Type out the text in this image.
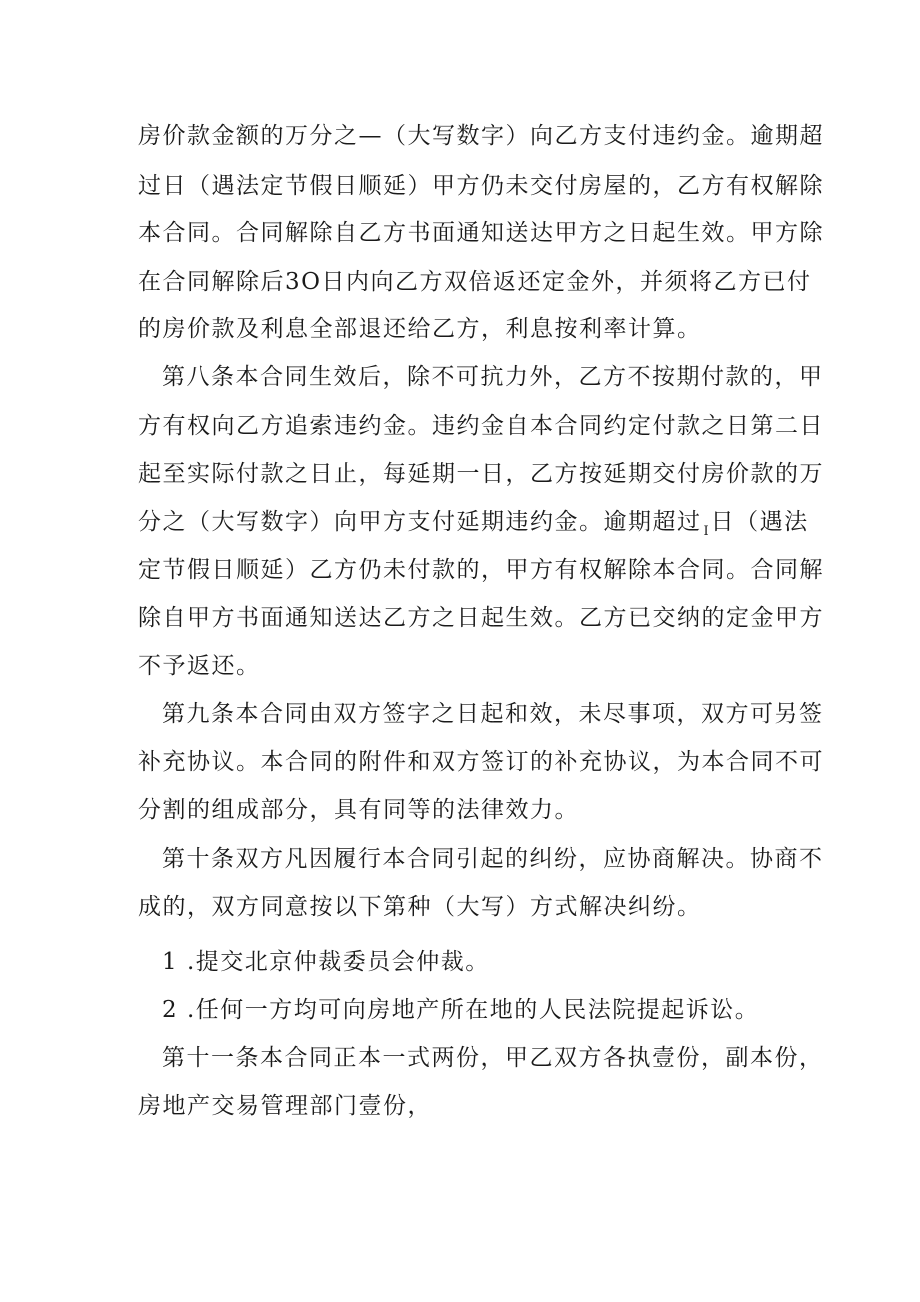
房价款金额的万分之—（大写数字）向乙方支付违约金。逾期超
过日（遇法定节假日顺延）甲方仍未交付房屋的，乙方有权解除
本合同。合同解除自乙方书面通知送达甲方之日起生效。甲方除
在合同解除后3O日内向乙方双倍返还定金外，并须将乙方已付
的房价款及利息全部退还给乙方，利息按利率计算。
第八条本合同生效后，除不可抗力外，乙方不按期付款的，甲
方有权向乙方追索违约金。违约金自本合同约定付款之日第二日
起至实际付款之日止，每延期一日，乙方按延期交付房价款的万
分之（大写数字）向甲方支付延期违约金。逾期超过 $_I$日（遇法
定节假日顺延）乙方仍未付款的，甲方有权解除本合同。合同解
除自甲方书面通知送达乙方之日起生效。乙方已交纳的定金甲方
不予返还。
第九条本合同由双方签字之日起和效，未尽事项，双方可另签
补充协议。本合同的附件和双方签订的补充协议，为本合同不可
分割的组成部分，具有同等的法律效力。
第十条双方凡因履行本合同引起的纠纷，应协商解决。协商不
成的，双方同意按以下第种（大写）方式解决纠纷。
1 .提交北京仲裁委员会仲裁。
2 .任何一方均可向房地产所在地的人民法院提起诉讼。
第十一条本合同正本一式两份，甲乙双方各执壹份，副本份，
房地产交易管理部门壹份，
